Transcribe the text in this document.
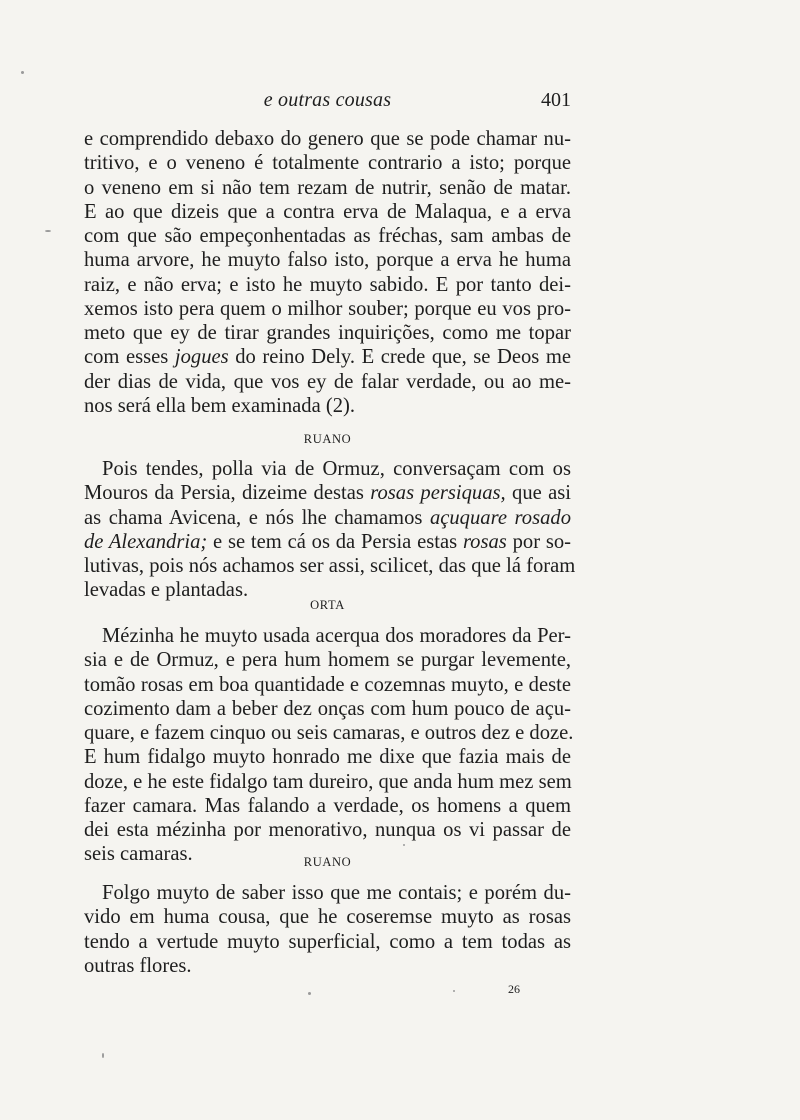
e outras cousas	401
e comprendido debaxo do genero que se pode chamar nu-
tritivo, e o veneno é totalmente contrario a isto; porque
o veneno em si não tem rezam de nutrir, senão de matar.
E ao que dizeis que a contra erva de Malaqua, e a erva
com que são empeçonhentadas as fréchas, sam ambas de
huma arvore, he muyto falso isto, porque a erva he huma
raiz, e não erva; e isto he muyto sabido. E por tanto dei-
xemos isto pera quem o milhor souber; porque eu vos pro-
meto que ey de tirar grandes inquirições, como me topar
com esses jogues do reino Dely. E crede que, se Deos me
der dias de vida, que vos ey de falar verdade, ou ao me-
nos será ella bem examinada (2).
RUANO
Pois tendes, polla via de Ormuz, conversaçam com os
Mouros da Persia, dizeime destas rosas persiquas, que asi
as chama Avicena, e nós lhe chamamos açuquare rosado
de Alexandria; e se tem cá os da Persia estas rosas por so-
lutivas, pois nós achamos ser assi, scilicet, das que lá foram
levadas e plantadas.
ORTA
Mézinha he muyto usada acerqua dos moradores da Per-
sia e de Ormuz, e pera hum homem se purgar levemente,
tomão rosas em boa quantidade e cozemnas muyto, e deste
cozimento dam a beber dez onças com hum pouco de açu-
quare, e fazem cinquo ou seis camaras, e outros dez e doze.
E hum fidalgo muyto honrado me dixe que fazia mais de
doze, e he este fidalgo tam dureiro, que anda hum mez sem
fazer camara. Mas falando a verdade, os homens a quem
dei esta mézinha por menorativo, nunqua os vi passar de
seis camaras.	RUANO
Folgo muyto de saber isso que me contais; e porém du-
vido em huma cousa, que he coseremse muyto as rosas
tendo a vertude muyto superficial, como a tem todas as
outras flores.
26
